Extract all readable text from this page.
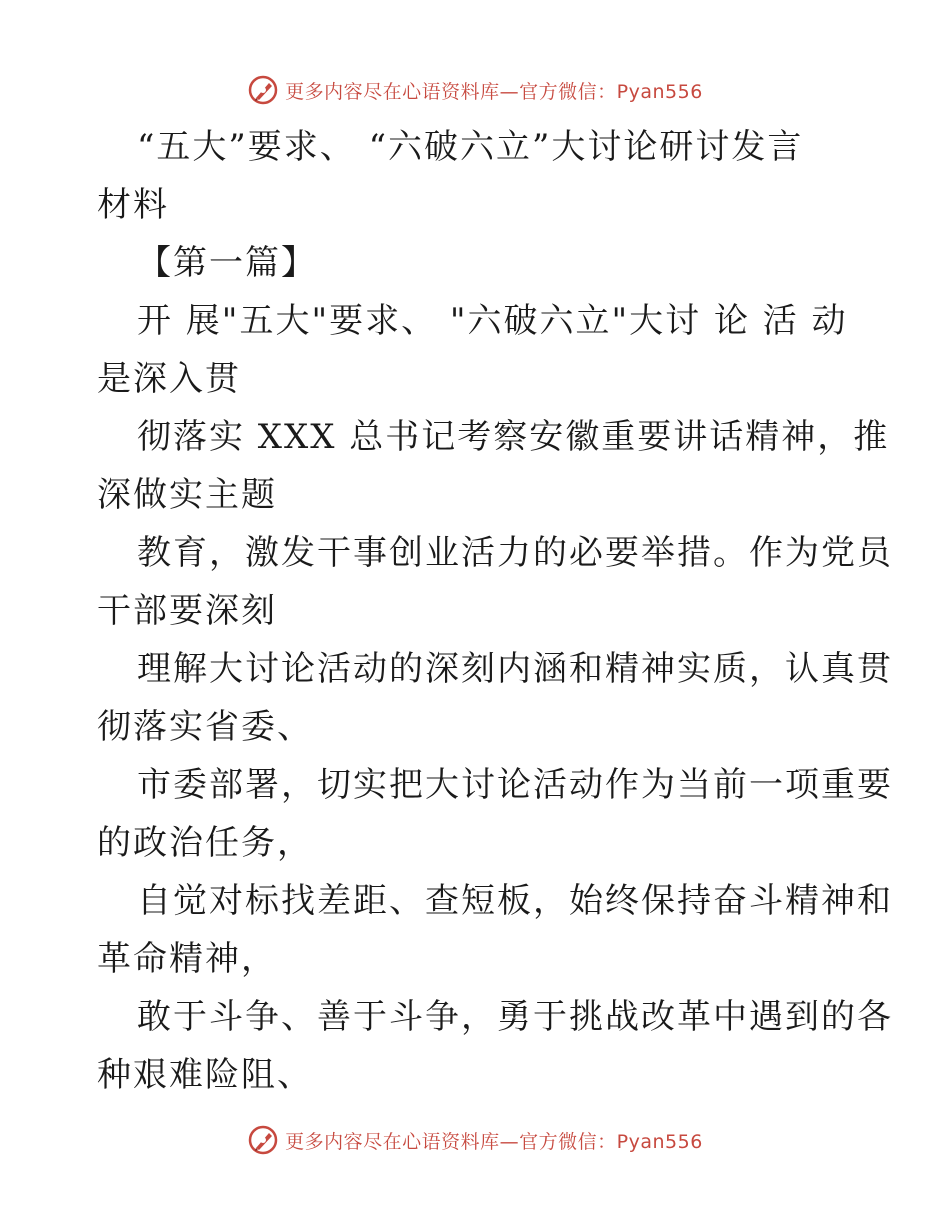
更多内容尽在心语资料库—官方微信：Pyan556
“五大”要求、 “六破六立”大讨论研讨发言
材料
【第一篇】
开 展"五大"要求、 "六破六立"大讨 论 活 动
是深入贯
彻落实 XXX 总书记考察安徽重要讲话精神，推
深做实主题
教育，激发干事创业活力的必要举措。作为党员
干部要深刻
理解大讨论活动的深刻内涵和精神实质，认真贯
彻落实省委、
市委部署，切实把大讨论活动作为当前一项重要
的政治任务，
自觉对标找差距、查短板，始终保持奋斗精神和
革命精神，
敢于斗争、善于斗争，勇于挑战改革中遇到的各
种艰难险阻、
更多内容尽在心语资料库—官方微信：Pyan556
